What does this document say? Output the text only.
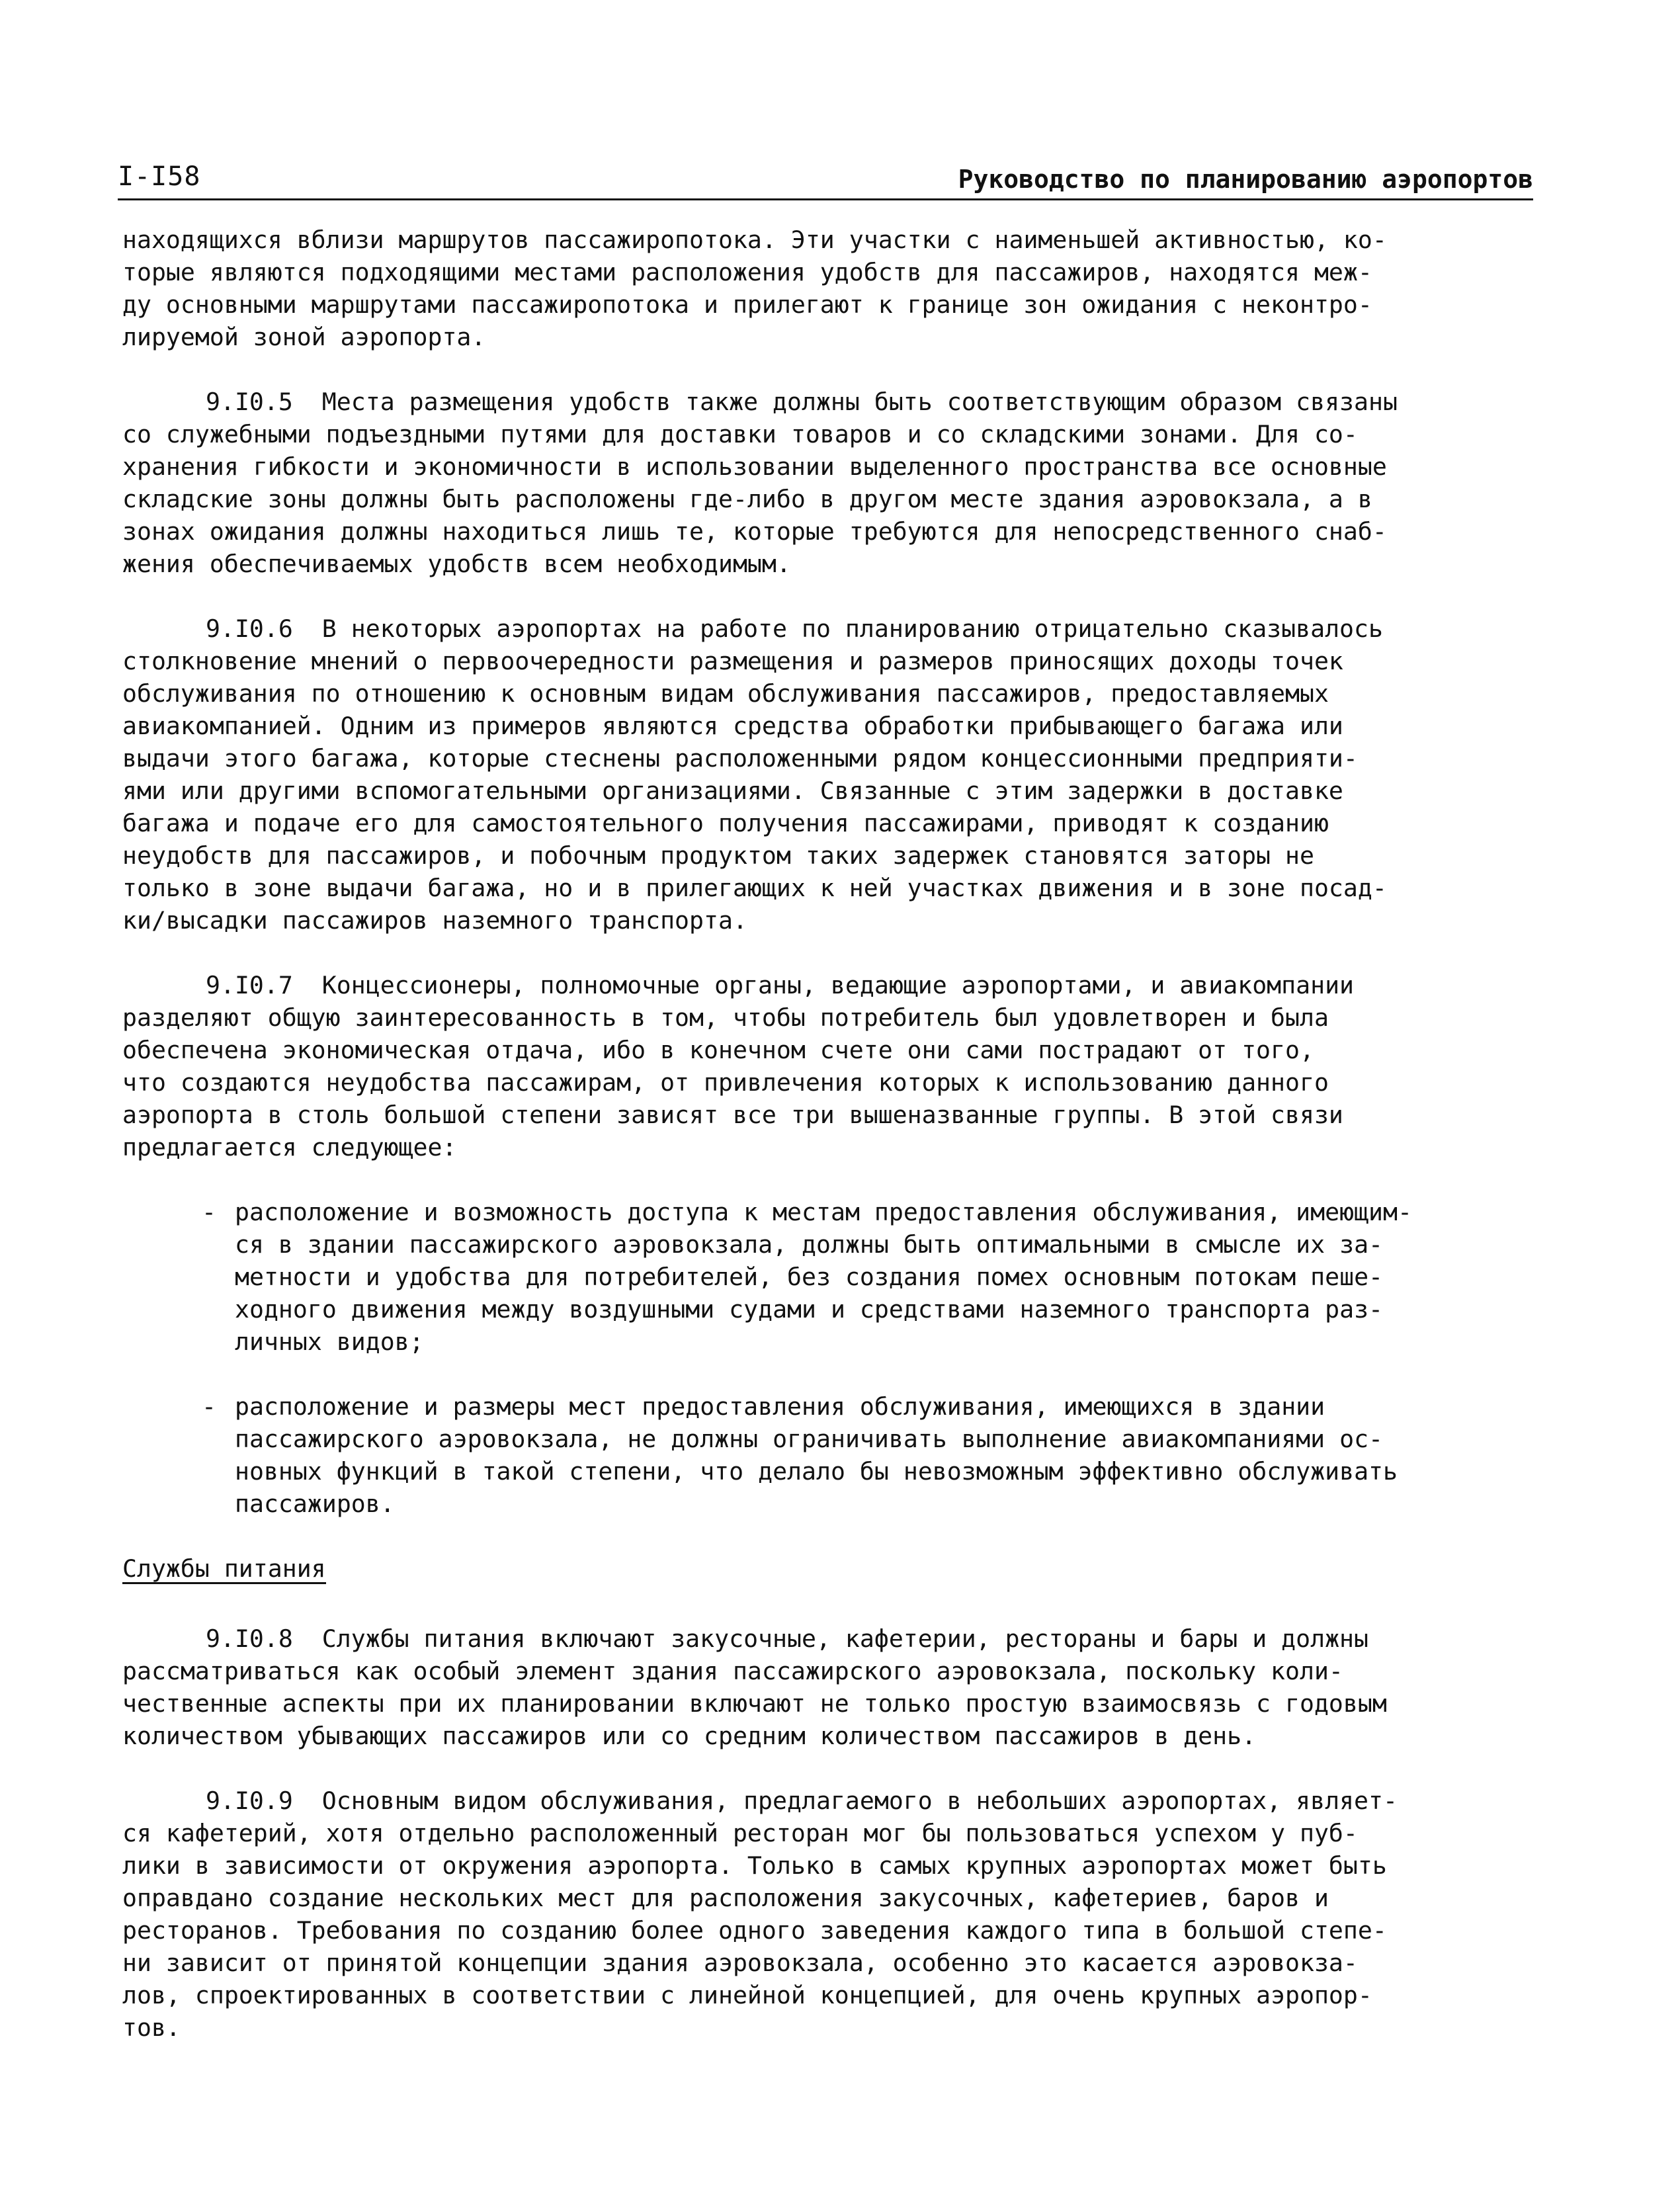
I-I58	Руководство по планированию аэропортов
находящихся вблизи маршрутов пассажиропотока. Эти участки с наименьшей активностью, ко-
торые являются подходящими местами расположения удобств для пассажиров, находятся меж-
ду основными маршрутами пассажиропотока и прилегают к границе зон ожидания с неконтро-
лируемой зоной аэропорта.
9.I0.5  Места размещения удобств также должны быть соответствующим образом связаны
со служебными подъездными путями для доставки товаров и со складскими зонами. Для со-
хранения гибкости и экономичности в использовании выделенного пространства все основные
складские зоны должны быть расположены где-либо в другом месте здания аэровокзала, а в
зонах ожидания должны находиться лишь те, которые требуются для непосредственного снаб-
жения обеспечиваемых удобств всем необходимым.
9.I0.6  В некоторых аэропортах на работе по планированию отрицательно сказывалось
столкновение мнений о первоочередности размещения и размеров приносящих доходы точек
обслуживания по отношению к основным видам обслуживания пассажиров, предоставляемых
авиакомпанией. Одним из примеров являются средства обработки прибывающего багажа или
выдачи этого багажа, которые стеснены расположенными рядом концессионными предприяти-
ями или другими вспомогательными организациями. Связанные с этим задержки в доставке
багажа и подаче его для самостоятельного получения пассажирами, приводят к созданию
неудобств для пассажиров, и побочным продуктом таких задержек становятся заторы не
только в зоне выдачи багажа, но и в прилегающих к ней участках движения и в зоне посад-
ки/высадки пассажиров наземного транспорта.
9.I0.7  Концессионеры, полномочные органы, ведающие аэропортами, и авиакомпании
разделяют общую заинтересованность в том, чтобы потребитель был удовлетворен и была
обеспечена экономическая отдача, ибо в конечном счете они сами пострадают от того,
что создаются неудобства пассажирам, от привлечения которых к использованию данного
аэропорта в столь большой степени зависят все три вышеназванные группы. В этой связи
предлагается следующее:
- расположение и возможность доступа к местам предоставления обслуживания, имеющим-
ся в здании пассажирского аэровокзала, должны быть оптимальными в смысле их за-
метности и удобства для потребителей, без создания помех основным потокам пеше-
ходного движения между воздушными судами и средствами наземного транспорта раз-
личных видов;
- расположение и размеры мест предоставления обслуживания, имеющихся в здании
пассажирского аэровокзала, не должны ограничивать выполнение авиакомпаниями ос-
новных функций в такой степени, что делало бы невозможным эффективно обслуживать
пассажиров.
Службы питания
9.I0.8  Службы питания включают закусочные, кафетерии, рестораны и бары и должны
рассматриваться как особый элемент здания пассажирского аэровокзала, поскольку коли-
чественные аспекты при их планировании включают не только простую взаимосвязь с годовым
количеством убывающих пассажиров или со средним количеством пассажиров в день.
9.I0.9  Основным видом обслуживания, предлагаемого в небольших аэропортах, являет-
ся кафетерий, хотя отдельно расположенный ресторан мог бы пользоваться успехом у пуб-
лики в зависимости от окружения аэропорта. Только в самых крупных аэропортах может быть
оправдано создание нескольких мест для расположения закусочных, кафетериев, баров и
ресторанов. Требования по созданию более одного заведения каждого типа в большой степе-
ни зависит от принятой концепции здания аэровокзала, особенно это касается аэровокза-
лов, спроектированных в соответствии с линейной концепцией, для очень крупных аэропор-
тов.
